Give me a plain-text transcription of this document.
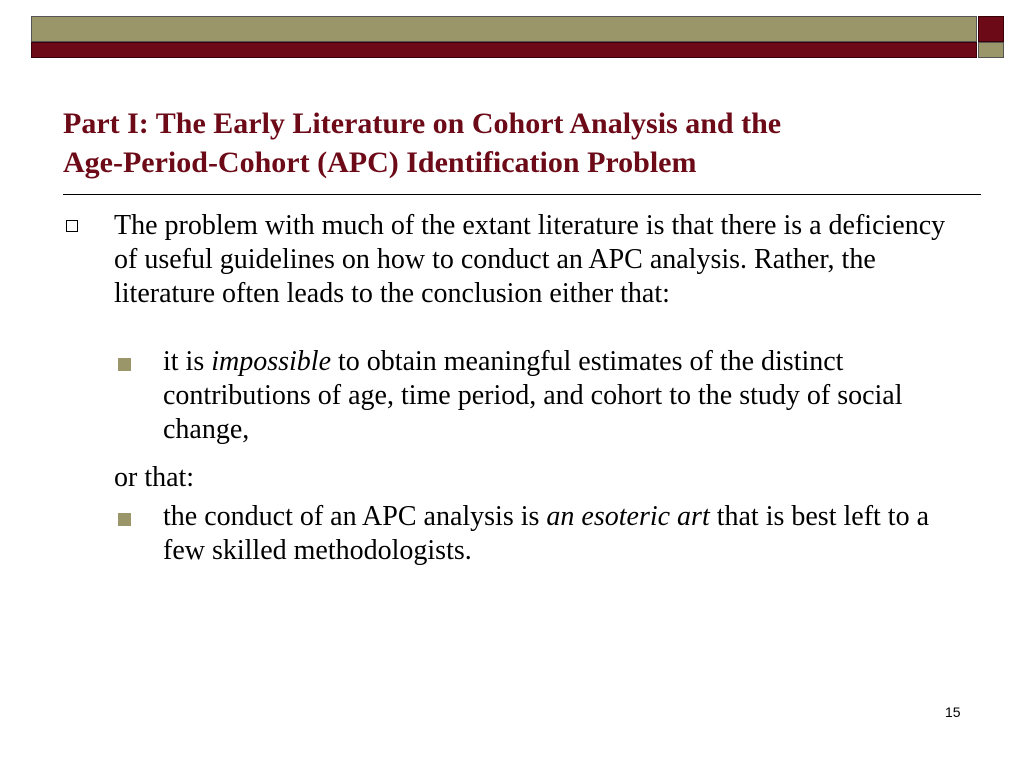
Part I: The Early Literature on Cohort Analysis and the
Age-Period-Cohort (APC) Identification Problem
The problem with much of the extant literature is that there is a deficiency of useful guidelines on how to conduct an APC analysis. Rather, the literature often leads to the conclusion either that:
it is impossible to obtain meaningful estimates of the distinct contributions of age, time period, and cohort to the study of social change,
or that:
the conduct of an APC analysis is an esoteric art that is best left to a few skilled methodologists.
15
